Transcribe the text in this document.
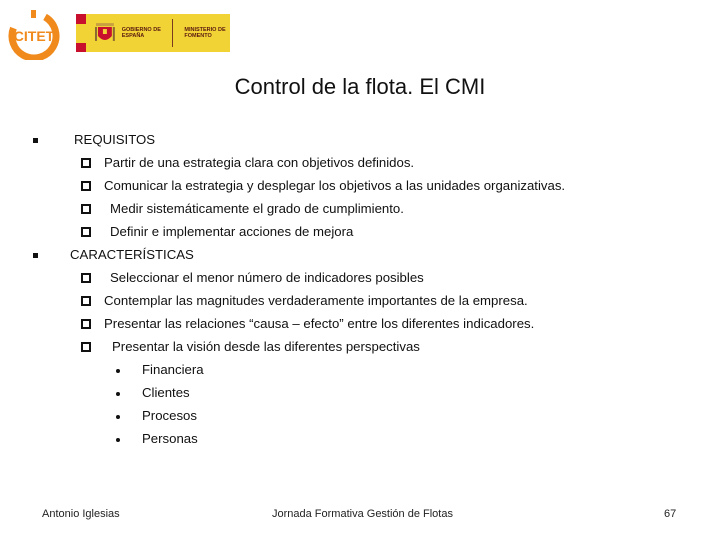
CITET	GOBIERNO DE ESPAÑA
MINISTERIO DE FOMENTO
Control de la flota. El CMI
REQUISITOS
Partir de una estrategia clara con objetivos definidos.
Comunicar la estrategia y desplegar los objetivos a las unidades organizativas.
Medir sistemáticamente el grado de cumplimiento.
Definir e implementar acciones de mejora
CARACTERÍSTICAS
Seleccionar el menor número de indicadores posibles
Contemplar las magnitudes verdaderamente importantes de la empresa.
Presentar las relaciones “causa – efecto” entre los diferentes indicadores.
Presentar la visión desde las diferentes perspectivas
Financiera
Clientes
Procesos
Personas
Antonio Iglesias	Jornada Formativa Gestión de Flotas	67
